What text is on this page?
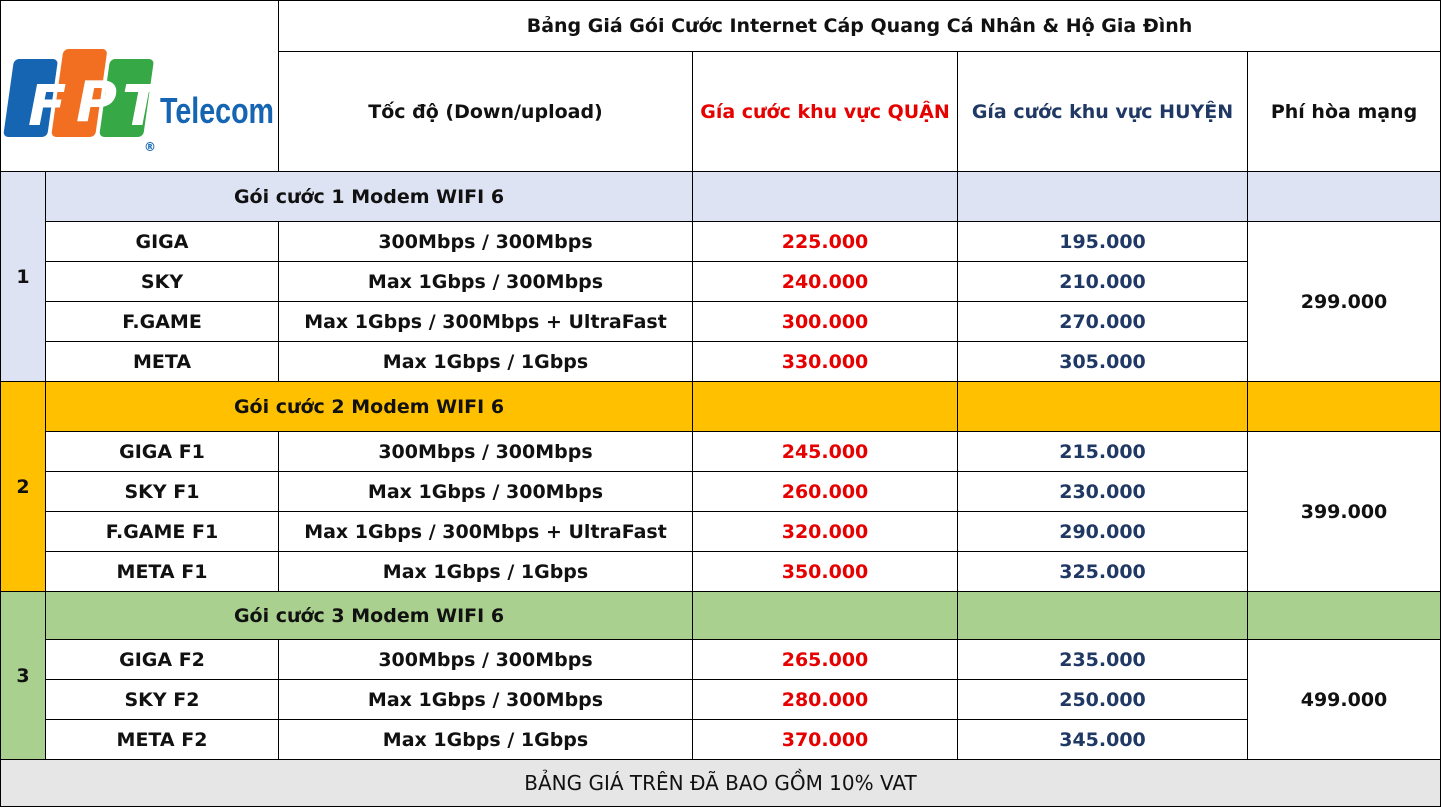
F P T
®
Telecom		Bảng Giá Gói Cước Internet Cáp Quang Cá Nhân & Hộ Gia Đình			
		Tốc độ (Down/upload)	Gía cước khu vực QUẬN	Gía cước khu vực HUYỆN	Phí hòa mạng
1	Gói cước 1 Modem WIFI 6				
	GIGA	300Mbps / 300Mbps	225.000	195.000	299.000
	SKY	Max 1Gbps / 300Mbps	240.000	210.000	
	F.GAME	Max 1Gbps / 300Mbps + UltraFast	300.000	270.000	
	META	Max 1Gbps / 1Gbps	330.000	305.000	
2	Gói cước 2 Modem WIFI 6				
	GIGA F1	300Mbps / 300Mbps	245.000	215.000	399.000
	SKY F1	Max 1Gbps / 300Mbps	260.000	230.000	
	F.GAME F1	Max 1Gbps / 300Mbps + UltraFast	320.000	290.000	
	META F1	Max 1Gbps / 1Gbps	350.000	325.000	
3	Gói cước 3 Modem WIFI 6				
	GIGA F2	300Mbps / 300Mbps	265.000	235.000	499.000
	SKY F2	Max 1Gbps / 300Mbps	280.000	250.000	
	META F2	Max 1Gbps / 1Gbps	370.000	345.000	
BẢNG GIÁ TRÊN ĐÃ BAO GỒM 10% VAT					
